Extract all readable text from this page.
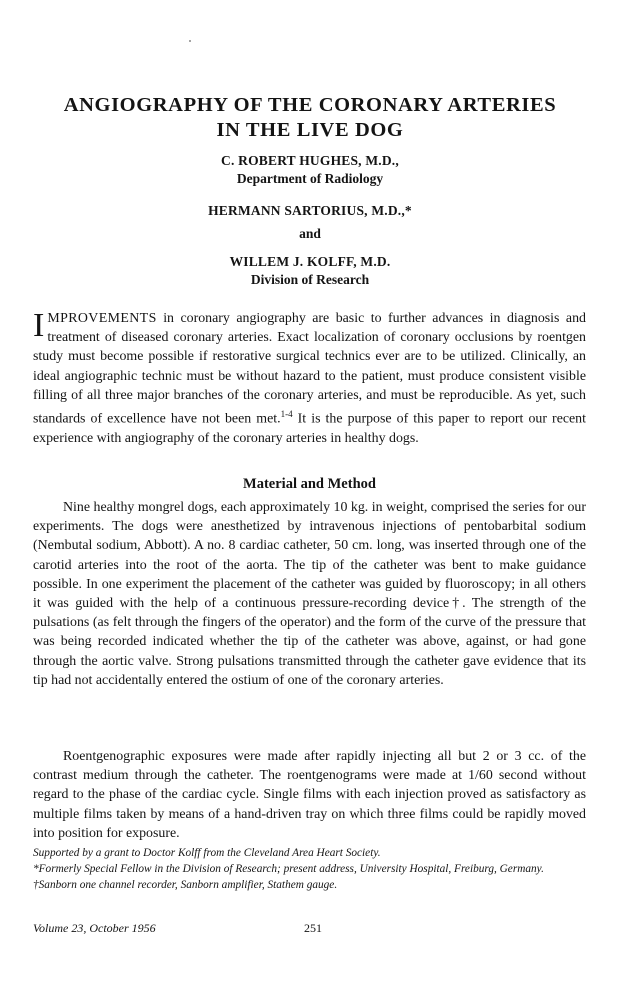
ANGIOGRAPHY OF THE CORONARY ARTERIES
IN THE LIVE DOG
C. ROBERT HUGHES, M.D.,
Department of Radiology
HERMANN SARTORIUS, M.D.,*
and
WILLEM J. KOLFF, M.D.
Division of Research

IMPROVEMENTS in coronary angiography are basic to further advances in diagnosis and treatment of diseased coronary arteries. Exact localization of coronary occlusions by roentgen study must become possible if restorative surgical technics ever are to be utilized. Clinically, an ideal angiographic technic must be without hazard to the patient, must produce consistent visible filling of all three major branches of the coronary arteries, and must be reproducible. As yet, such standards of excellence have not been met.$^{1-4}$ It is the purpose of this paper to report our recent experience with angiography of the coronary arteries in healthy dogs.

Material and Method

Nine healthy mongrel dogs, each approximately 10 kg. in weight, comprised the series for our experiments. The dogs were anesthetized by intravenous injections of pentobarbital sodium (Nembutal sodium, Abbott). A no. 8 cardiac catheter, 50 cm. long, was inserted through one of the carotid arteries into the root of the aorta. The tip of the catheter was bent to make guidance possible. In one experiment the placement of the catheter was guided by fluoroscopy; in all others it was guided with the help of a continuous pressure-recording device†. The strength of the pulsations (as felt through the fingers of the operator) and the form of the curve of the pressure that was being recorded indicated whether the tip of the catheter was above, against, or had gone through the aortic valve. Strong pulsations transmitted through the catheter gave evidence that its tip had not accidentally entered the ostium of one of the coronary arteries.

Roentgenographic exposures were made after rapidly injecting all but 2 or 3 cc. of the contrast medium through the catheter. The roentgenograms were made at 1/60 second without regard to the phase of the cardiac cycle. Single films with each injection proved as satisfactory as multiple films taken by means of a hand-driven tray on which three films could be rapidly moved into position for exposure.

Supported by a grant to Doctor Kolff from the Cleveland Area Heart Society.
*Formerly Special Fellow in the Division of Research; present address, University Hospital, Freiburg, Germany.
†Sanborn one channel recorder, Sanborn amplifier, Stathem gauge.
Volume 23, October 1956	251
